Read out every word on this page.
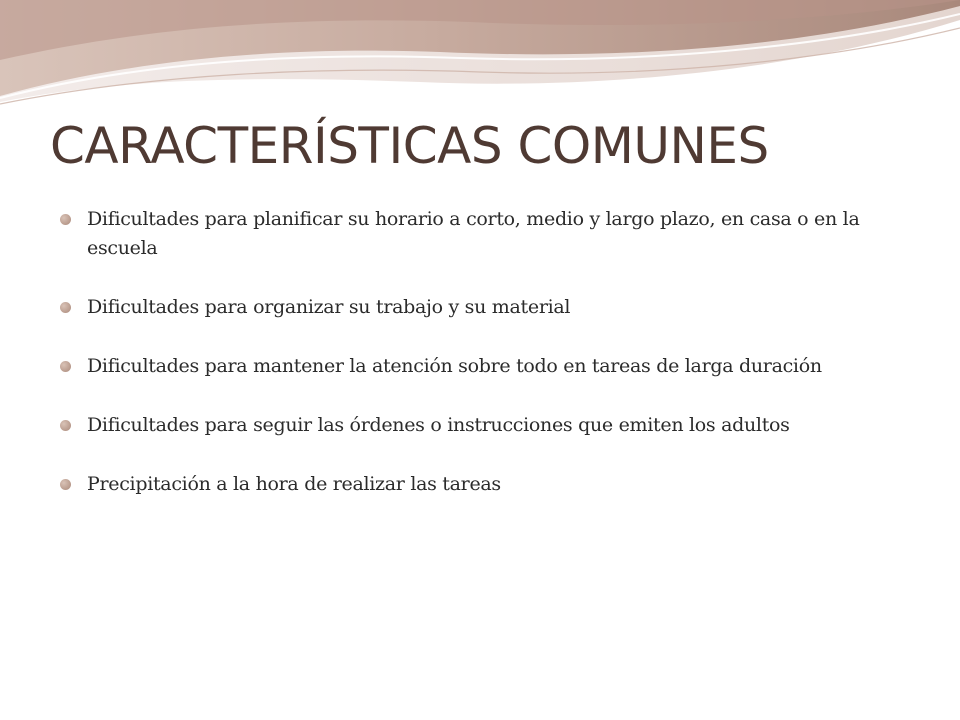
CARACTERÍSTICAS COMUNES
Dificultades para planificar su horario a corto, medio y largo plazo, en casa o en la escuela
Dificultades para organizar su trabajo y su material
Dificultades para mantener la atención sobre todo en tareas de larga duración
Dificultades para seguir las órdenes o instrucciones que emiten los adultos
Precipitación a la hora de realizar las tareas
